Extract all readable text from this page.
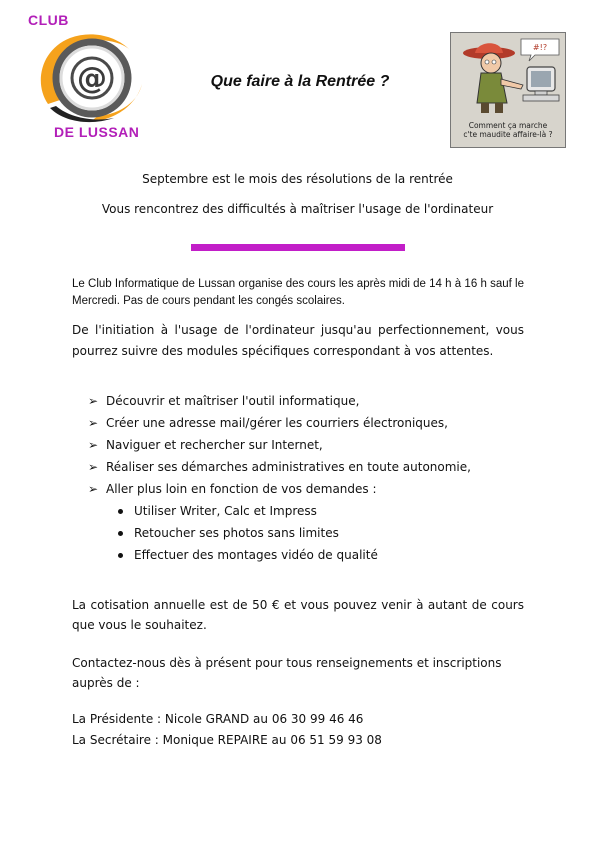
CLUB
@
DE LUSSAN
Que faire à la Rentrée ?
#!?
Comment ça marche
c'te maudite affaire-là ?
Septembre est le mois des résolutions de la rentrée
Vous rencontrez des difficultés à maîtriser l'usage de l'ordinateur
Le Club Informatique de Lussan organise des cours les après midi de 14 h à 16 h sauf le Mercredi. Pas de cours pendant les congés scolaires.
De l'initiation à l'usage de l'ordinateur jusqu'au perfectionnement, vous pourrez suivre des modules spécifiques correspondant à vos attentes.
➢ Découvrir et maîtriser l'outil informatique,
➢ Créer une adresse mail/gérer les courriers électroniques,
➢ Naviguer et rechercher sur Internet,
➢ Réaliser ses démarches administratives en toute autonomie,
➢ Aller plus loin en fonction de vos demandes :
Utiliser Writer, Calc et Impress
Retoucher ses photos sans limites
Effectuer des montages vidéo de qualité
La cotisation annuelle est de 50 € et vous pouvez venir à autant de cours que vous le souhaitez.
Contactez-nous dès à présent pour tous renseignements et inscriptions auprès de :
La Présidente : Nicole GRAND au 06 30 99 46 46
La Secrétaire : Monique REPAIRE au 06 51 59 93 08
